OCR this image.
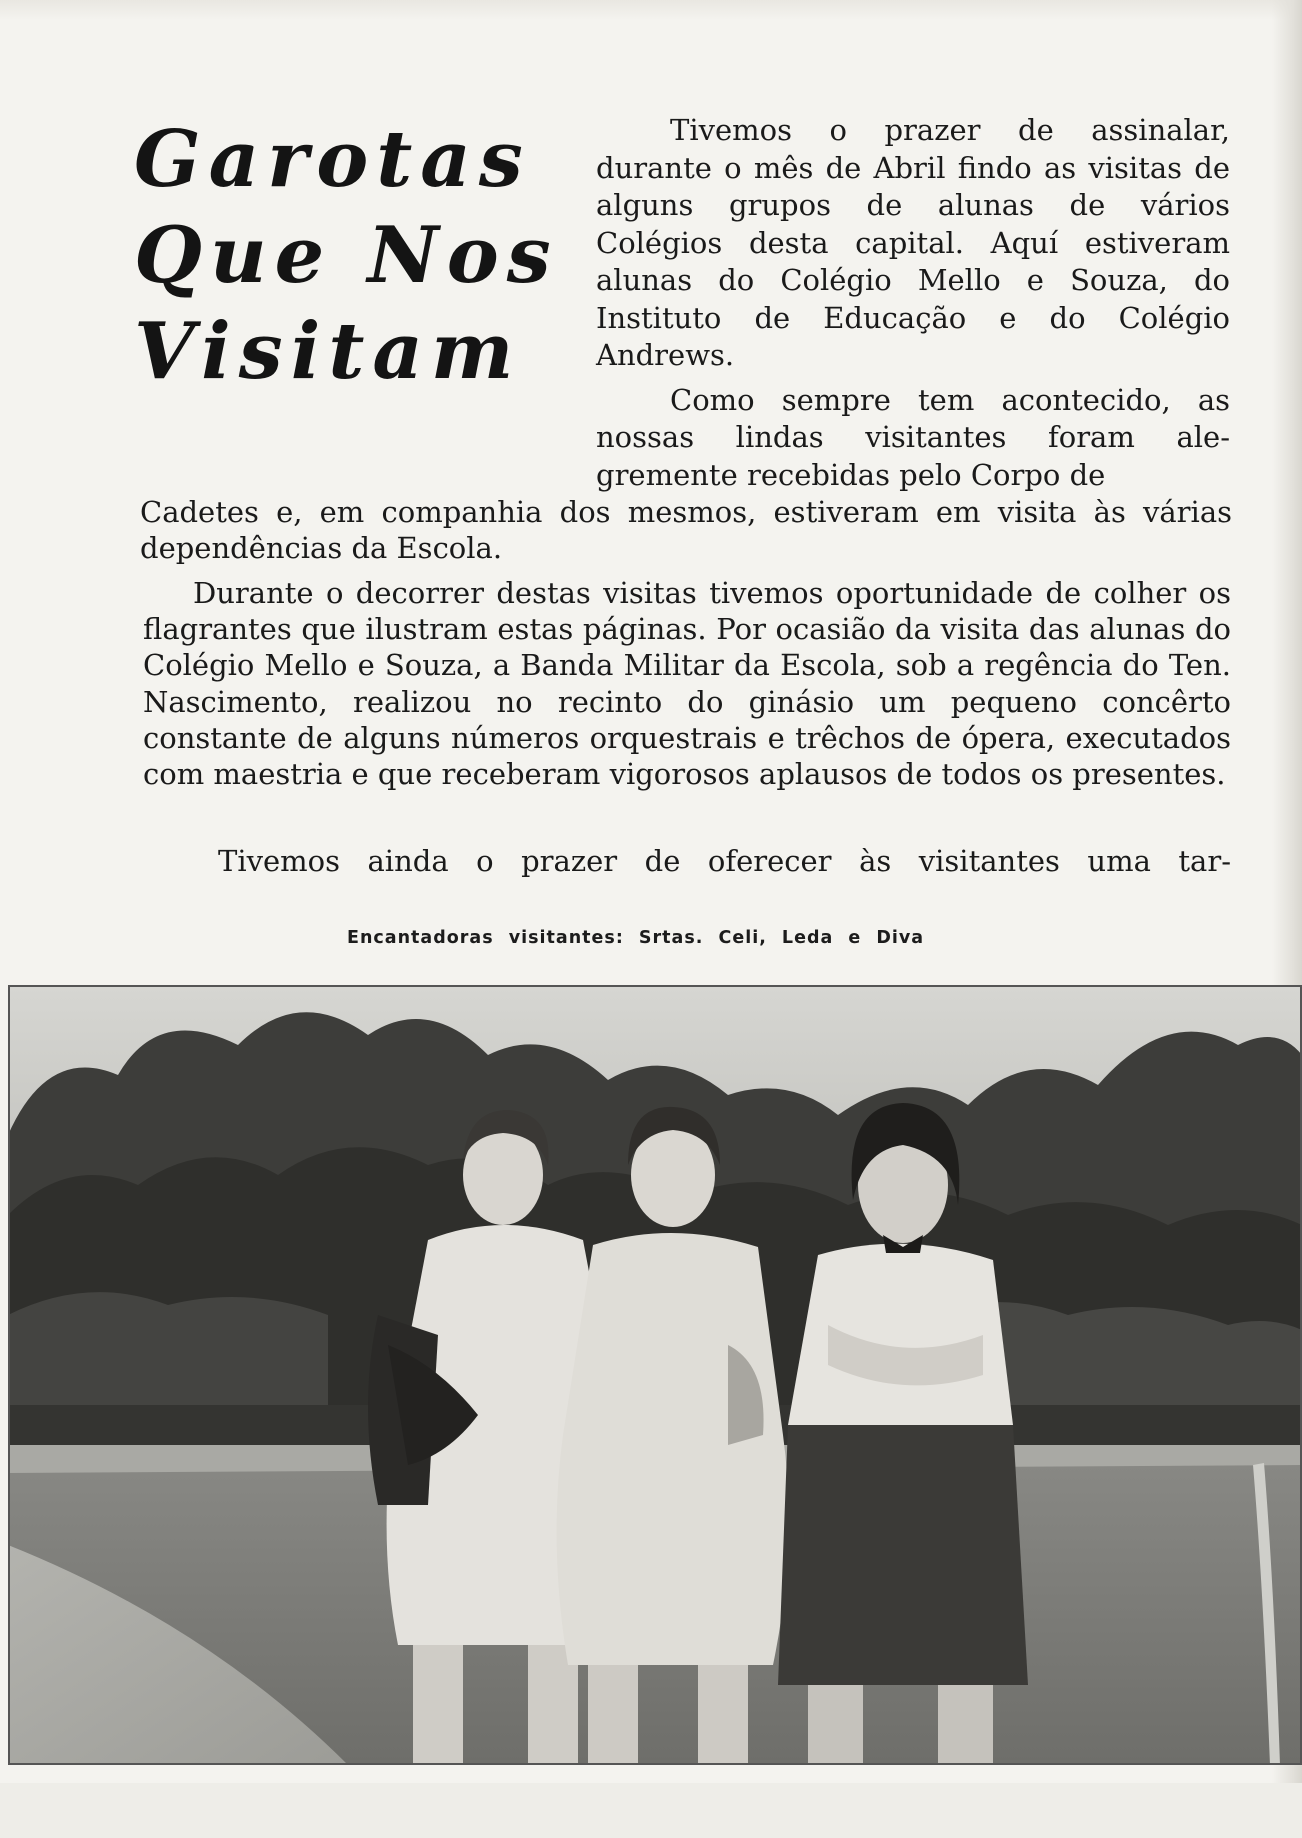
Garotas
Que Nos
Visitam

Tivemos o prazer de assinalar, durante o mês de Abril findo as visitas de alguns grupos de alunas de vários Colégios desta capital. Aquí estiveram alunas do Colégio Mello e Souza, do Instituto de Educação e do Colégio Andrews.

Como sempre tem acontecido, as nossas lindas visitantes foram alegremente recebidas pelo Corpo de

Cadetes e, em companhia dos mesmos, estiveram em visita às várias dependências da Escola.

Durante o decorrer destas visitas tivemos oportunidade de colher os flagrantes que ilustram estas páginas. Por ocasião da visita das alunas do Colégio Mello e Souza, a Banda Militar da Escola, sob a regência do Ten. Nascimento, realizou no recinto do ginásio um pequeno concêrto constante de alguns números orquestrais e trêchos de ópera, executados com maestria e que receberam vigorosos aplausos de todos os presentes.

Tivemos ainda o prazer de oferecer às visitantes uma tar-

Encantadoras visitantes: Srtas. Celi, Leda e Diva
